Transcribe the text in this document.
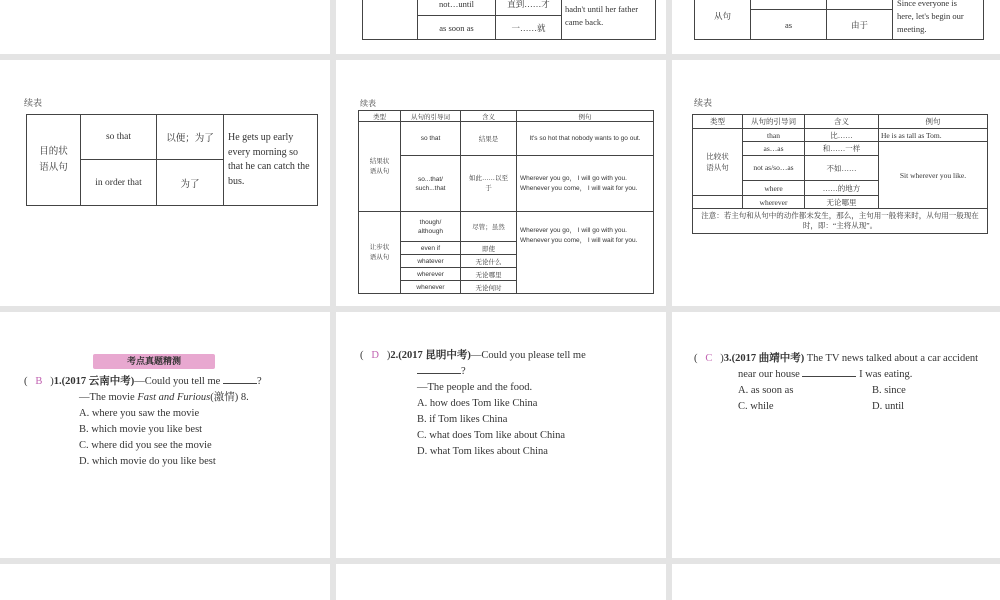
	not…until	直到……才	hadn't until her father
came back.
	as soon as	一……就	
从句			Since everyone is
here, let's begin our meeting.
	as	由于	
续表
目的状语从句	so that	以便；为了	He gets up early every morning so that he can catch the bus.
	in order that	为了	
续表
类型	从句的引导词	含义	例句
结果状语从句	so that	结果是	It's so hot that nobody wants to go out.
	so...that/ such...that	如此……以至于	Wherever you go， I will go with you. Whenever you come， I will wait for you.
让步状语从句	though/ although	尽管；虽然	Wherever you go， I will go with you. Whenever you come， I will wait for you.
	even if	即使	
	whatever	无论什么	
	wherever	无论哪里	
	whenever	无论何时	
续表
类型	从句的引导词	含义	例句
比较状语从句	than	比……	He is as tall as Tom.
	as…as	和……一样	Sit wherever you like.
	not as/so…as	不如……	
	where	……的地方	
	wherever	无论哪里	
注意：若主句和从句中的动作都未发生，那么，主句用一般将来时，从句用一般现在时，即：“主将从现”。			
考点真题精测
(   B   )1.(2017 云南中考)—Could you tell me	?
—The movie Fast and Furious(激情) 8.
A. where you saw the movie
B. which movie you like best
C. where did you see the movie
D. which movie do you like best
(   D   )2.(2017 昆明中考)—Could you please tell me
?
—The people and the food.
A. how does Tom like China
B. if Tom likes China
C. what does Tom like about China
D. what Tom likes about China
(   C   )3.(2017 曲靖中考) The TV news talked about a car accident near our house	I was eating.
A. as soon as	B. since
C. while	D. until
